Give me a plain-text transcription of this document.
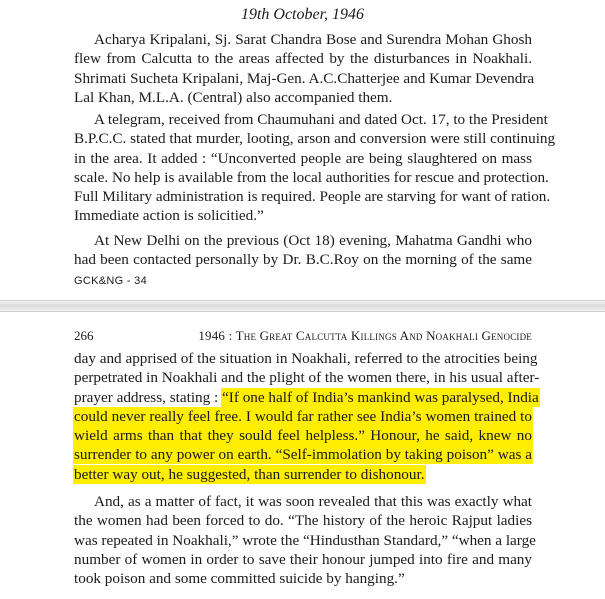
19th October, 1946
Acharya Kripalani, Sj. Sarat Chandra Bose and Surendra Mohan Ghosh
flew from Calcutta to the areas affected by the disturbances in Noakhali.
Shrimati Sucheta Kripalani, Maj-Gen. A.C.Chatterjee and Kumar Devendra
Lal Khan, M.L.A. (Central) also accompanied them.
A telegram, received from Chaumuhani and dated Oct. 17, to the President
B.P.C.C. stated that murder, looting, arson and conversion were still continuing
in the area. It added : “Unconverted people are being slaughtered on mass
scale. No help is available from the local authorities for rescue and protection.
Full Military administration is required. People are starving for want of ration.
Immediate action is solicitied.”
At New Delhi on the previous (Oct 18) evening, Mahatma Gandhi who
had been contacted personally by Dr. B.C.Roy on the morning of the same
GCK&NG - 34
266	1946 : The Great Calcutta Killings And Noakhali Genocide
day and apprised of the situation in Noakhali, referred to the atrocities being
perpetrated in Noakhali and the plight of the women there, in his usual after-
prayer address, stating : “If one half of India’s mankind was paralysed, India
could never really feel free. I would far rather see India’s women trained to
wield arms than that they sould feel helpless.” Honour, he said, knew no
surrender to any power on earth. “Self-immolation by taking poison” was a
better way out, he suggested, than surrender to dishonour.
And, as a matter of fact, it was soon revealed that this was exactly what
the women had been forced to do. “The history of the heroic Rajput ladies
was repeated in Noakhali,” wrote the “Hindusthan Standard,” “when a large
number of women in order to save their honour jumped into fire and many
took poison and some committed suicide by hanging.”
